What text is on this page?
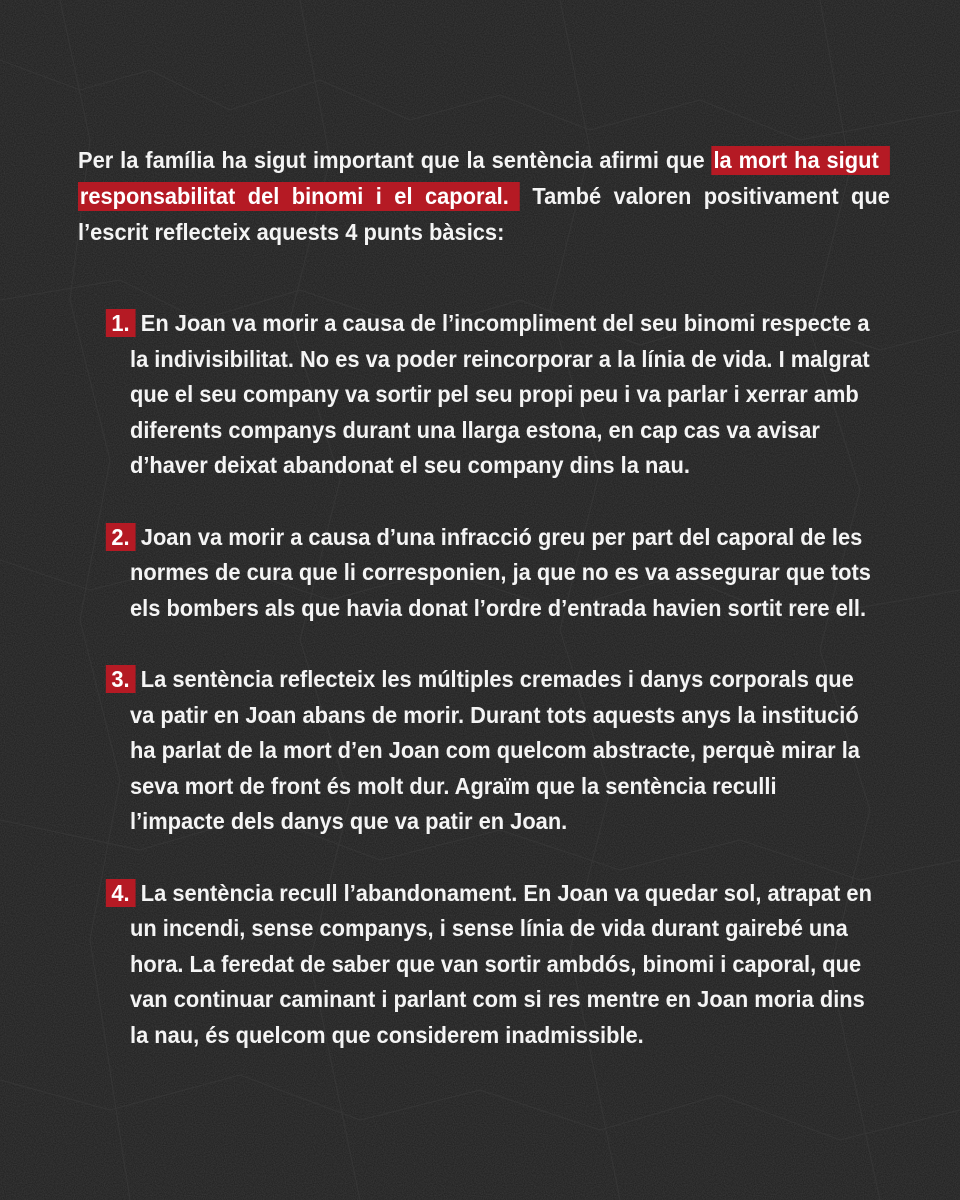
Per la família ha sigut important que la sentència afirmi que la mort ha sigut responsabilitat del binomi i el caporal. També valoren positivament que l’escrit reflecteix aquests 4 punts bàsics:

1. En Joan va morir a causa de l’incompliment del seu binomi respecte a la indivisibilitat. No es va poder reincorporar a la línia de vida. I malgrat que el seu company va sortir pel seu propi peu i va parlar i xerrar amb diferents companys durant una llarga estona, en cap cas va avisar d’haver deixat abandonat el seu company dins la nau.
2. Joan va morir a causa d’una infracció greu per part del caporal de les normes de cura que li corresponien, ja que no es va assegurar que tots els bombers als que havia donat l’ordre d’entrada havien sortit rere ell.
3. La sentència reflecteix les múltiples cremades i danys corporals que va patir en Joan abans de morir. Durant tots aquests anys la institució ha parlat de la mort d’en Joan com quelcom abstracte, perquè mirar la seva mort de front és molt dur. Agraïm que la sentència reculli l’impacte dels danys que va patir en Joan.
4. La sentència recull l’abandonament. En Joan va quedar sol, atrapat en un incendi, sense companys, i sense línia de vida durant gairebé una hora. La feredat de saber que van sortir ambdós, binomi i caporal, que van continuar caminant i parlant com si res mentre en Joan moria dins la nau, és quelcom que considerem inadmissible.
